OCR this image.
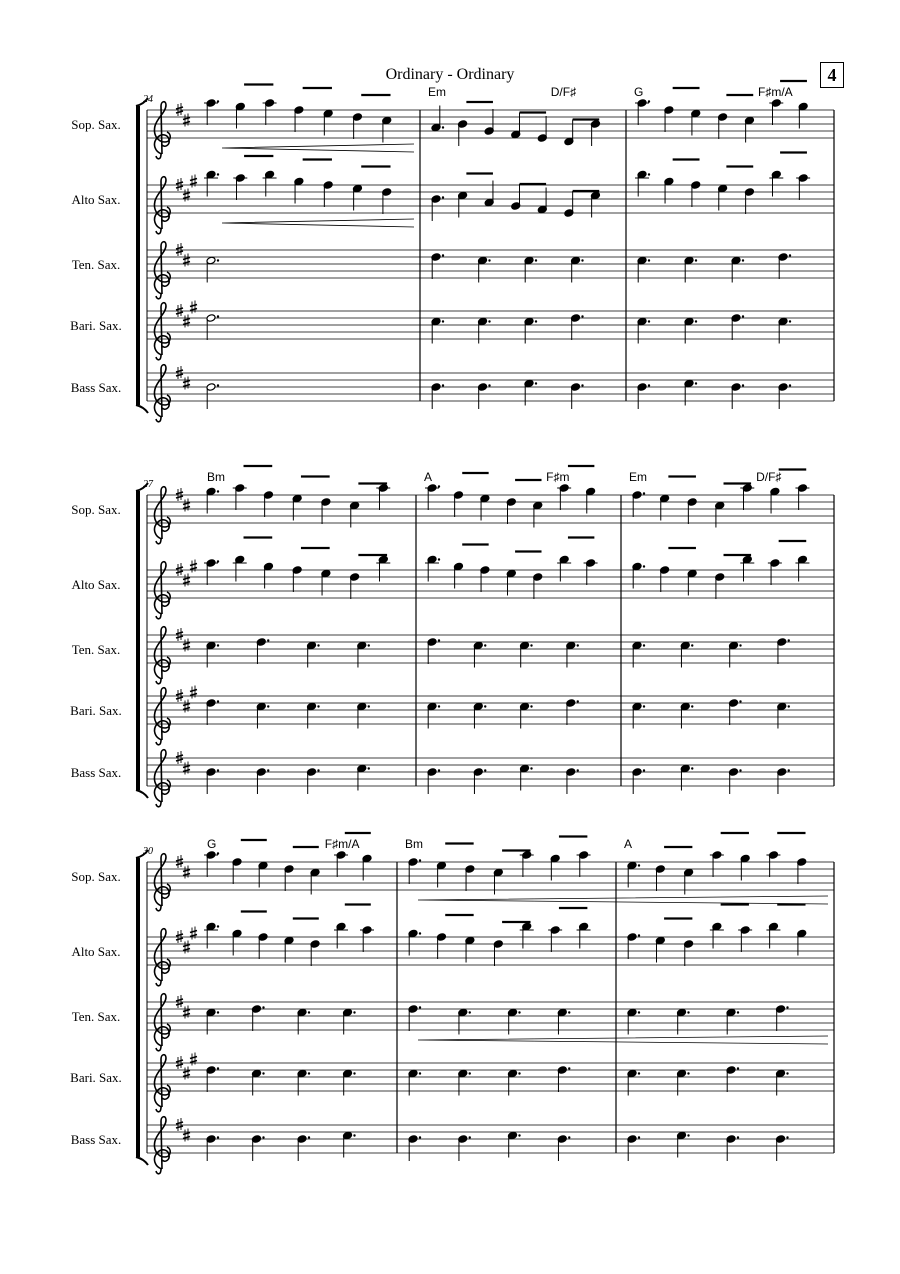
Ordinary - Ordinary	4
24
Em	D/F♯	G	F♯m/A
Sop. Sax.
Alto Sax.
Ten. Sax.
Bari. Sax.
Bass Sax.
27
Bm	A	F♯m	Em	D/F♯
Sop. Sax.
Alto Sax.
Ten. Sax.
Bari. Sax.
Bass Sax.
30
G	F♯m/A	Bm	A
Sop. Sax.
Alto Sax.
Ten. Sax.
Bari. Sax.
Bass Sax.
